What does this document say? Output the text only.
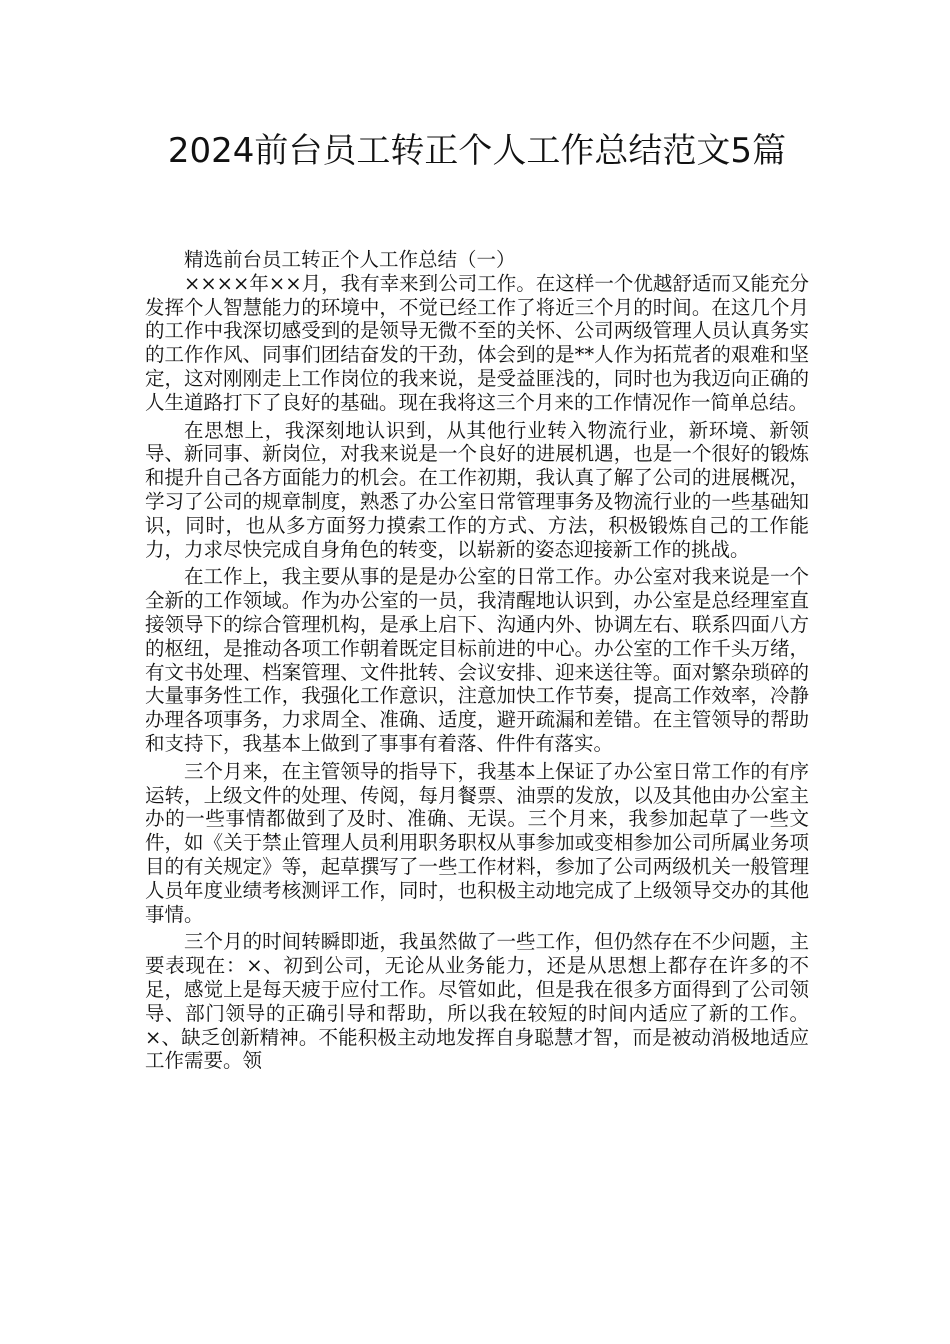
2024前台员工转正个人工作总结范文5篇

精选前台员工转正个人工作总结（一）

××××年××月，我有幸来到公司工作。在这样一个优越舒适而又能充分发挥个人智慧能力的环境中，不觉已经工作了将近三个月的时间。在这几个月的工作中我深切感受到的是领导无微不至的关怀、公司两级管理人员认真务实的工作作风、同事们团结奋发的干劲，体会到的是**人作为拓荒者的艰难和坚定，这对刚刚走上工作岗位的我来说，是受益匪浅的，同时也为我迈向正确的人生道路打下了良好的基础。现在我将这三个月来的工作情况作一简单总结。

在思想上，我深刻地认识到，从其他行业转入物流行业，新环境、新领导、新同事、新岗位，对我来说是一个良好的进展机遇，也是一个很好的锻炼和提升自己各方面能力的机会。在工作初期，我认真了解了公司的进展概况，学习了公司的规章制度，熟悉了办公室日常管理事务及物流行业的一些基础知识，同时，也从多方面努力摸索工作的方式、方法，积极锻炼自己的工作能力，力求尽快完成自身角色的转变，以崭新的姿态迎接新工作的挑战。

在工作上，我主要从事的是是办公室的日常工作。办公室对我来说是一个全新的工作领域。作为办公室的一员，我清醒地认识到，办公室是总经理室直接领导下的综合管理机构，是承上启下、沟通内外、协调左右、联系四面八方的枢纽，是推动各项工作朝着既定目标前进的中心。办公室的工作千头万绪，有文书处理、档案管理、文件批转、会议安排、迎来送往等。面对繁杂琐碎的大量事务性工作，我强化工作意识，注意加快工作节奏，提高工作效率，冷静办理各项事务，力求周全、准确、适度，避开疏漏和差错。在主管领导的帮助和支持下，我基本上做到了事事有着落、件件有落实。

三个月来，在主管领导的指导下，我基本上保证了办公室日常工作的有序运转，上级文件的处理、传阅，每月餐票、油票的发放，以及其他由办公室主办的一些事情都做到了及时、准确、无误。三个月来，我参加起草了一些文件，如《关于禁止管理人员利用职务职权从事参加或变相参加公司所属业务项目的有关规定》等，起草撰写了一些工作材料，参加了公司两级机关一般管理人员年度业绩考核测评工作，同时，也积极主动地完成了上级领导交办的其他事情。

三个月的时间转瞬即逝，我虽然做了一些工作，但仍然存在不少问题，主要表现在：×、初到公司，无论从业务能力，还是从思想上都存在许多的不足，感觉上是每天疲于应付工作。尽管如此，但是我在很多方面得到了公司领导、部门领导的正确引导和帮助，所以我在较短的时间内适应了新的工作。×、缺乏创新精神。不能积极主动地发挥自身聪慧才智，而是被动消极地适应工作需要。领
